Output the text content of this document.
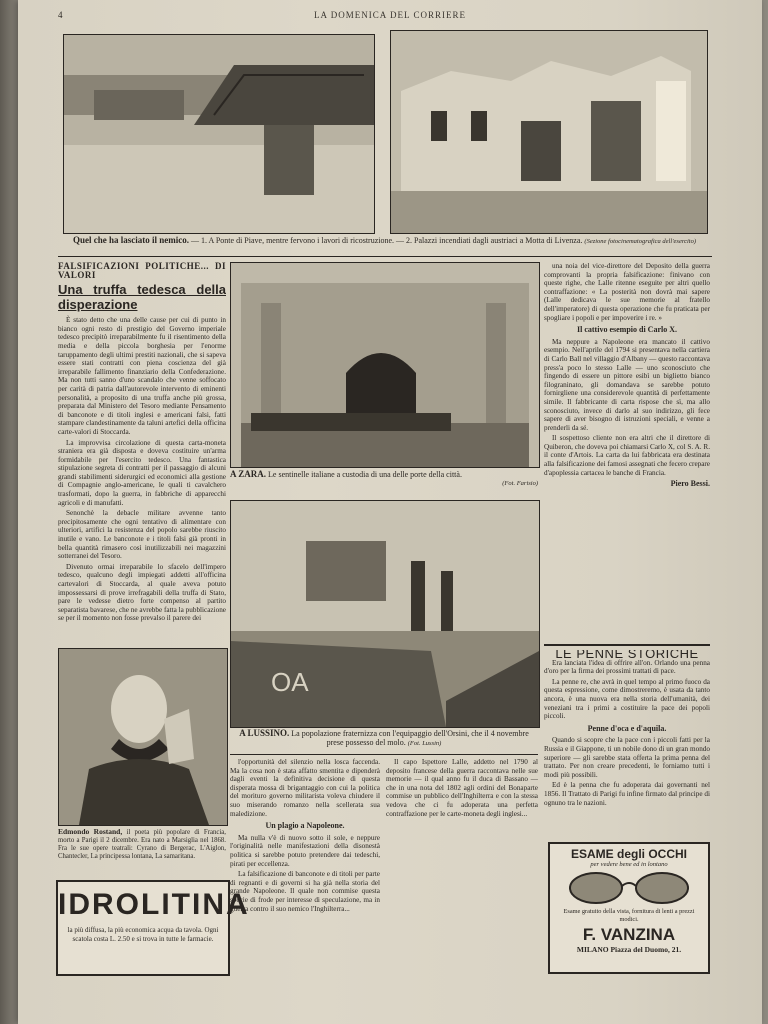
4	LA DOMENICA DEL CORRIERE
Quel che ha lasciato il nemico. — 1. A Ponte di Piave, mentre fervono i lavori di ricostruzione. — 2. Palazzi incendiati dagli austriaci a Motta di Livenza. (Sezione fotocinematografica dell'esercito)
FALSIFICAZIONI POLITICHE... DI VALORI
Una truffa tedesca della disperazione

È stato detto che una delle cause per cui di punto in bianco ogni resto di prestigio del Governo imperiale tedesco precipitò irreparabilmente fu il risentimento della media e della piccola borghesia per l'enorme taruppamento degli ultimi prestiti nazionali, che si sapeva essere stati contratti con piena coscienza del già irreparabile fallimento finanziario della Confederazione. Ma non tutti sanno d'uno scandalo che venne soffocato per carità di patria dall'autorevole intervento di eminenti personalità, a proposito di una truffa anche più grossa, preparata dal Ministero del Tesoro mediante Pensamento di banconote e di titoli inglesi e americani falsi, fatti stampare clandestinamente da taluni artefici della officina carte-valori di Stoccarda.

La improvvisa circolazione di questa carta-moneta straniera era già disposta e doveva costituire un'arma formidabile per l'esercito tedesco. Una fantastica stipulazione segreta di contratti per il passaggio di alcuni grandi stabilimenti siderurgici ed economici alla gestione di Compagnie anglo-americane, le quali ti cavalchero trasformati, dopo la guerra, in fabbriche di apparecchi agricoli e di manufatti.

Senonchè la debacle militare avvenne tanto precipitosamente che ogni tentativo di alimentare con ulteriori, artifici la resistenza del popolo sarebbe riuscito inutile e vano. Le banconote e i titoli falsi già pronti in bella quantità rimasero così inutilizzabili nei magazzini sotterranei del Tesoro.

Divenuto ormai irreparabile lo sfacelo dell'impero tedesco, qualcuno degli impiegati addetti all'officina cartevalori di Stoccarda, al quale aveva potuto impossessarsi di prove irrefragabili della truffa di Stato, pare le vedesse dietro forte compenso al partito separatista bavarese, che ne avrebbe fatta la pubblicazione se per il momento non fosse prevalso il parere dei

Edmondo Rostand, il poeta più popolare di Francia, morto a Parigi il 2 dicembre. Era nato a Marsiglia nel 1868. Fra le sue opere teatrali: Cyrano di Bergerac, L'Aiglon, Chantecler, La principessa lontana, La samaritana.
IDROLITINA
la più diffusa, la più economica acqua da tavola. Ogni scatola costa L. 2.50 e si trova in tutte le farmacie.
A ZARA. Le sentinelle italiane a custodia di una delle porte della città.
(Fot. Farisio)
OA
A LUSSINO. La popolazione fraternizza con l'equipaggio dell'Orsini, che il 4 novembre prese possesso del molo. (Fot. Lussin)

l'opportunità del silenzio nella losca faccenda. Ma la cosa non è stata affatto smentita e dipenderà dagli eventi la definitiva decisione di questa disperata mossa di brigantaggio con cui la politica del morituro governo militarista voleva chiudere il suo miserando romanzo nella scellerata sua maledizione.

Un plagio a Napoleone.

Ma nulla v'è di nuovo sotto il sole, e neppure l'originalità nelle manifestazioni della disonestà politica si sarebbe potuto pretendere dai tedeschi, pirati per eccellenza.

La falsificazione di banconote e di titoli per parte di regnanti e di governi si ha già nella storia del grande Napoleone. Il quale non commise questa specie di frode per interesse di speculazione, ma in guerra contro il suo nemico l'Inghilterra...

Il capo Ispettore Lalle, addetto nel 1790 al deposito francese della guerra raccontava nelle sue memorie — il qual anno fu il duca di Bassano — che in una nota del 1802 agli ordini del Bonaparte commise un pubblico dell'Inghilterra e con la stessa vedova che ci fu adoperata una perfetta contraffazione per le carte-moneta degli inglesi...

una noia del vice-direttore del Deposito della guerra comprovanti la propria falsificazione: finivano con queste righe, che Lalle ritenne eseguite per altri quello contraffazione: « La posterità non dovrà mai sapere (Lalle dedicava le sue memorie al fratello dell'imperatore) di questa operazione che fu praticata per spogliare i popoli e per impoverire i re. »

Il cattivo esempio di Carlo X.

Ma neppure a Napoleone era mancato il cattivo esempio. Nell'aprile del 1794 si presentava nella cartiera di Carlo Ball nel villaggio d'Albany — questo raccontava press'a poco lo stesso Lalle — uno sconosciuto che fingendo di essere un pittore esibì un biglietto bianco filograninato, gli domandava se sarebbe potuto fornirgliene una considerevole quantità di perfettamente simile. Il fabbricante di carta rispose che sì, ma allo sconosciuto, invece di darlo al suo indirizzo, gli fece sapere di aver bisogno di istruzioni speciali, e venne a prenderli da sé.

Il sospettoso cliente non era altri che il direttore di Quiberon, che doveva poi chiamarsi Carlo X, col S. A. R. il conte d'Artois. La carta da lui fabbricata era destinata alla falsificazione dei famosi assegnati che fecero crepare d'apoplessia cartacea le banche di Francia.

Piero Bessi.
LE PENNE STORICHE

Era lanciata l'idea di offrire all'on. Orlando una penna d'oro per la firma dei prossimi trattati di pace.

La penne re, che avrà in quel tempo al primo fuoco da questa espressione, come dimostreremo, è usata da tanto ancora, è una nuova era nella storia dell'umanità, dei veneziani tra i primi a costituire la pace dei popoli piccoli.

Penne d'oca e d'aquila.

Quando si scopre che la pace con i piccoli fatti per la Russia e il Giappone, ti un nobile dono di un gran mondo superiore — gli sarebbe stata offerta la prima penna del trattato. Per non creare precedenti, le forniamo tutti i modi più possibili.

Ed è la penna che fu adoperata dai governanti nel 1856. Il Trattato di Parigi fu infine firmato dal principe di ognuno tra le nazioni.

ESAME degli OCCHI
per vedere bene ed in lontano
Esame gratuito della vista, fornitura di lenti a prezzi modici.
F. VANZINA
MILANO Piazza del Duomo, 21.
